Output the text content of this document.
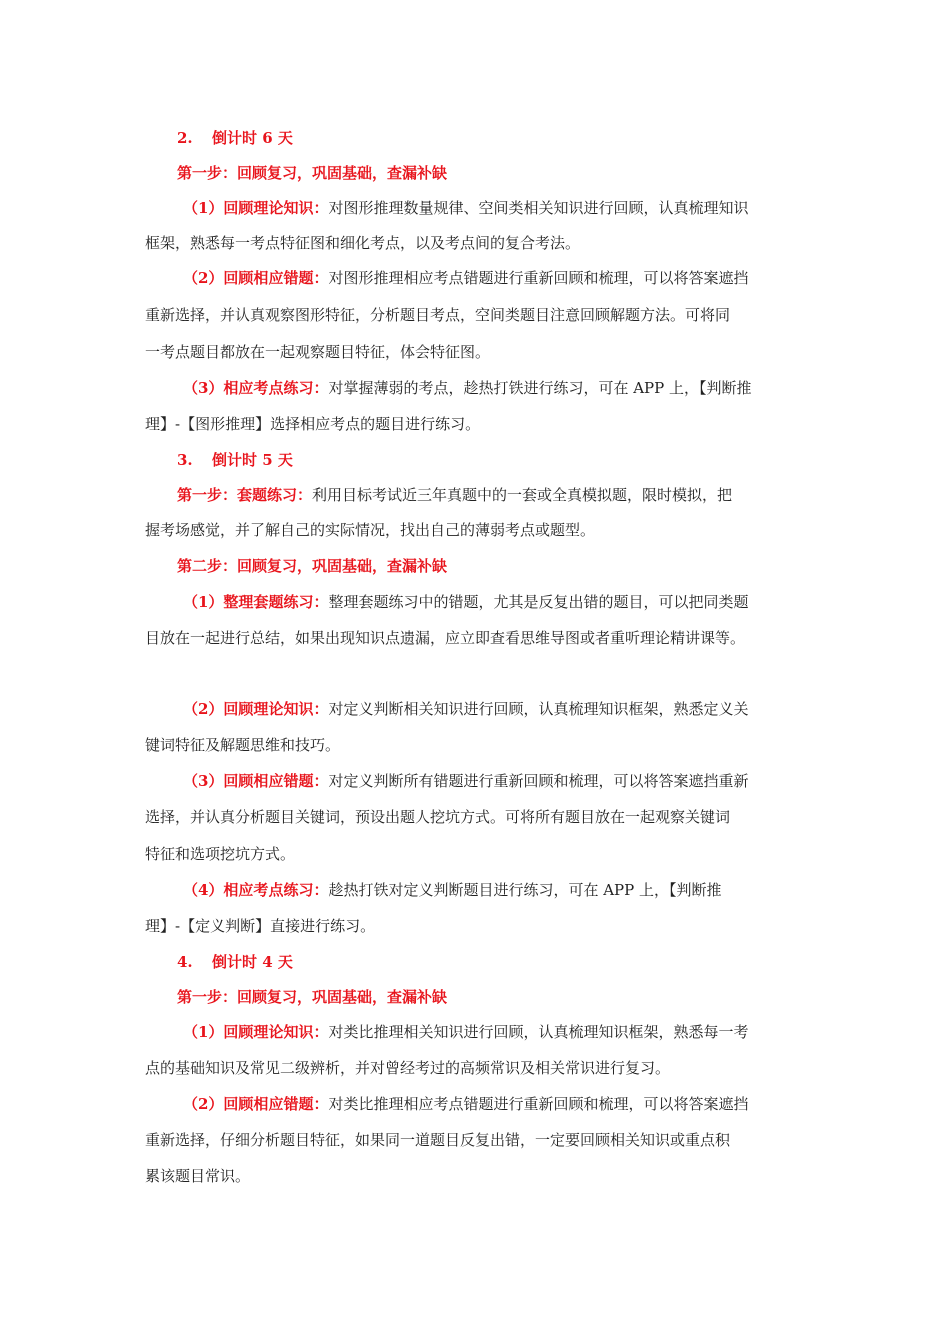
2. 倒计时 6 天
第一步：回顾复习，巩固基础，查漏补缺
（1）回顾理论知识：对图形推理数量规律、空间类相关知识进行回顾，认真梳理知识
框架，熟悉每一考点特征图和细化考点，以及考点间的复合考法。
（2）回顾相应错题：对图形推理相应考点错题进行重新回顾和梳理，可以将答案遮挡
重新选择，并认真观察图形特征，分析题目考点，空间类题目注意回顾解题方法。可将同
一考点题目都放在一起观察题目特征，体会特征图。
（3）相应考点练习：对掌握薄弱的考点，趁热打铁进行练习，可在 APP 上，【判断推
理】-【图形推理】选择相应考点的题目进行练习。
3. 倒计时 5 天
第一步：套题练习：利用目标考试近三年真题中的一套或全真模拟题，限时模拟，把
握考场感觉，并了解自己的实际情况，找出自己的薄弱考点或题型。
第二步：回顾复习，巩固基础，查漏补缺
（1）整理套题练习：整理套题练习中的错题，尤其是反复出错的题目，可以把同类题
目放在一起进行总结，如果出现知识点遗漏，应立即查看思维导图或者重听理论精讲课等。
（2）回顾理论知识：对定义判断相关知识进行回顾，认真梳理知识框架，熟悉定义关
键词特征及解题思维和技巧。
（3）回顾相应错题：对定义判断所有错题进行重新回顾和梳理，可以将答案遮挡重新
选择，并认真分析题目关键词，预设出题人挖坑方式。可将所有题目放在一起观察关键词
特征和选项挖坑方式。
（4）相应考点练习：趁热打铁对定义判断题目进行练习，可在 APP 上，【判断推
理】-【定义判断】直接进行练习。
4. 倒计时 4 天
第一步：回顾复习，巩固基础，查漏补缺
（1）回顾理论知识：对类比推理相关知识进行回顾，认真梳理知识框架，熟悉每一考
点的基础知识及常见二级辨析，并对曾经考过的高频常识及相关常识进行复习。
（2）回顾相应错题：对类比推理相应考点错题进行重新回顾和梳理，可以将答案遮挡
重新选择，仔细分析题目特征，如果同一道题目反复出错，一定要回顾相关知识或重点积
累该题目常识。
